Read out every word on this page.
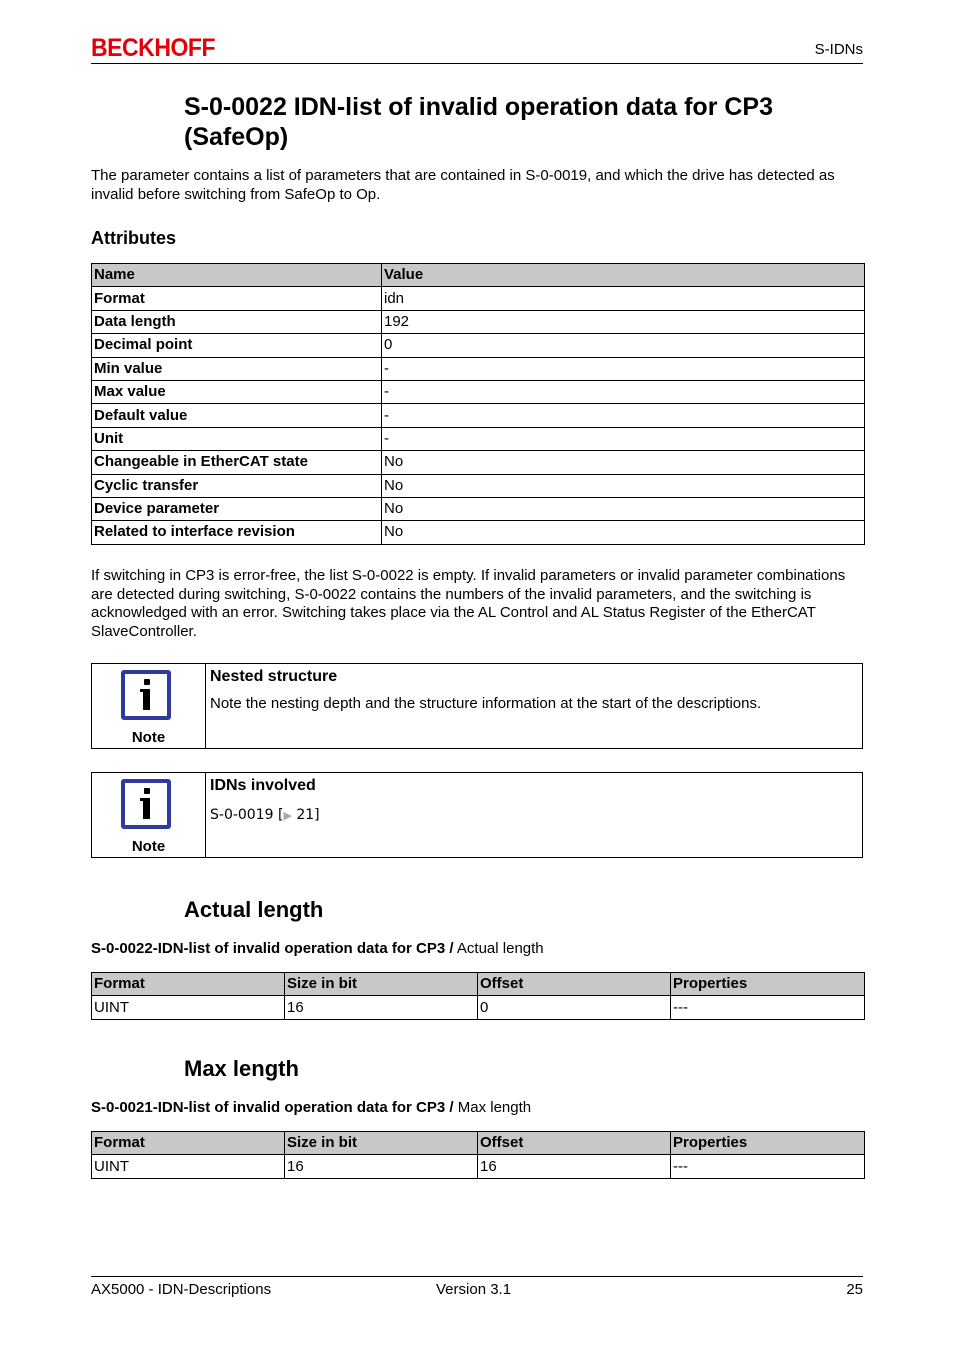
BECKHOFF	S-IDNs
S-0-0022 IDN-list of invalid operation data for CP3 (SafeOp)
The parameter contains a list of parameters that are contained in S-0-0019, and which the drive has detected as invalid before switching from SafeOp to Op.
Attributes
Name	Value
Format	idn
Data length	192
Decimal point	0
Min value	-
Max value	-
Default value	-
Unit	-
Changeable in EtherCAT state	No
Cyclic transfer	No
Device parameter	No
Related to interface revision	No
If switching in CP3 is error-free, the list S-0-0022 is empty. If invalid parameters or invalid parameter combinations are detected during switching, S-0-0022 contains the numbers of the invalid parameters, and the switching is acknowledged with an error. Switching takes place via the AL Control and AL Status Register of the EtherCAT SlaveController.
Note
Nested structure
Note the nesting depth and the structure information at the start of the descriptions.
Note
IDNs involved
S-0-0019 [▶ 21]
Actual length
S-0-0022-IDN-list of invalid operation data for CP3 / Actual length
Format	Size in bit	Offset	Properties
UINT	16	0	---
Max length
S-0-0021-IDN-list of invalid operation data for CP3 / Max length
Format	Size in bit	Offset	Properties
UINT	16	16	---
AX5000 - IDN-Descriptions	Version 3.1	25
